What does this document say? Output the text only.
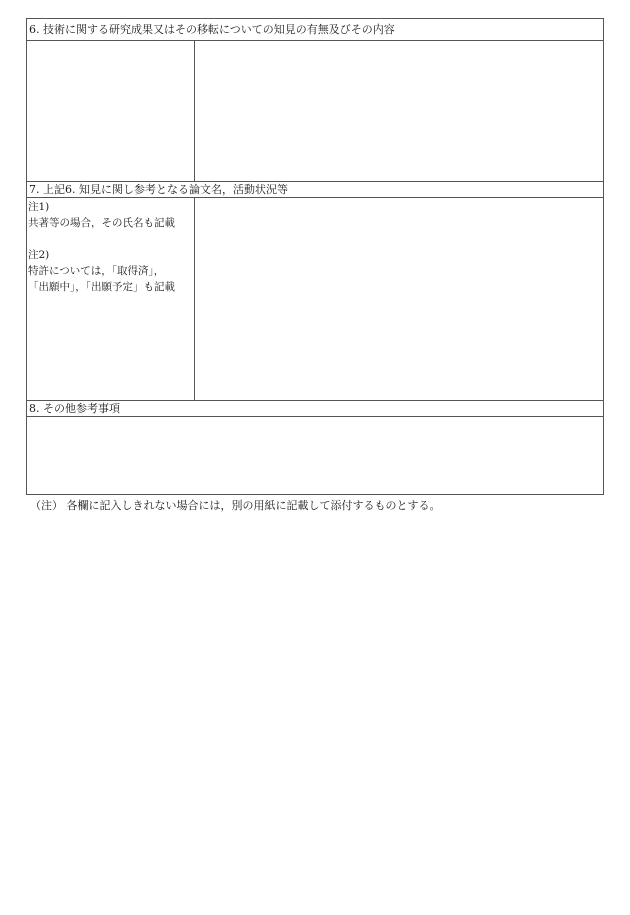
6. 技術に関する研究成果又はその移転についての知見の有無及びその内容
7. 上記6. 知見に関し参考となる論文名，活動状況等
注1)
共著等の場合，その氏名も記載
注2)
特許については，「取得済」，
「出願中」，「出願予定」も記載
8. その他参考事項
（注） 各欄に記入しきれない場合には，別の用紙に記載して添付するものとする。
